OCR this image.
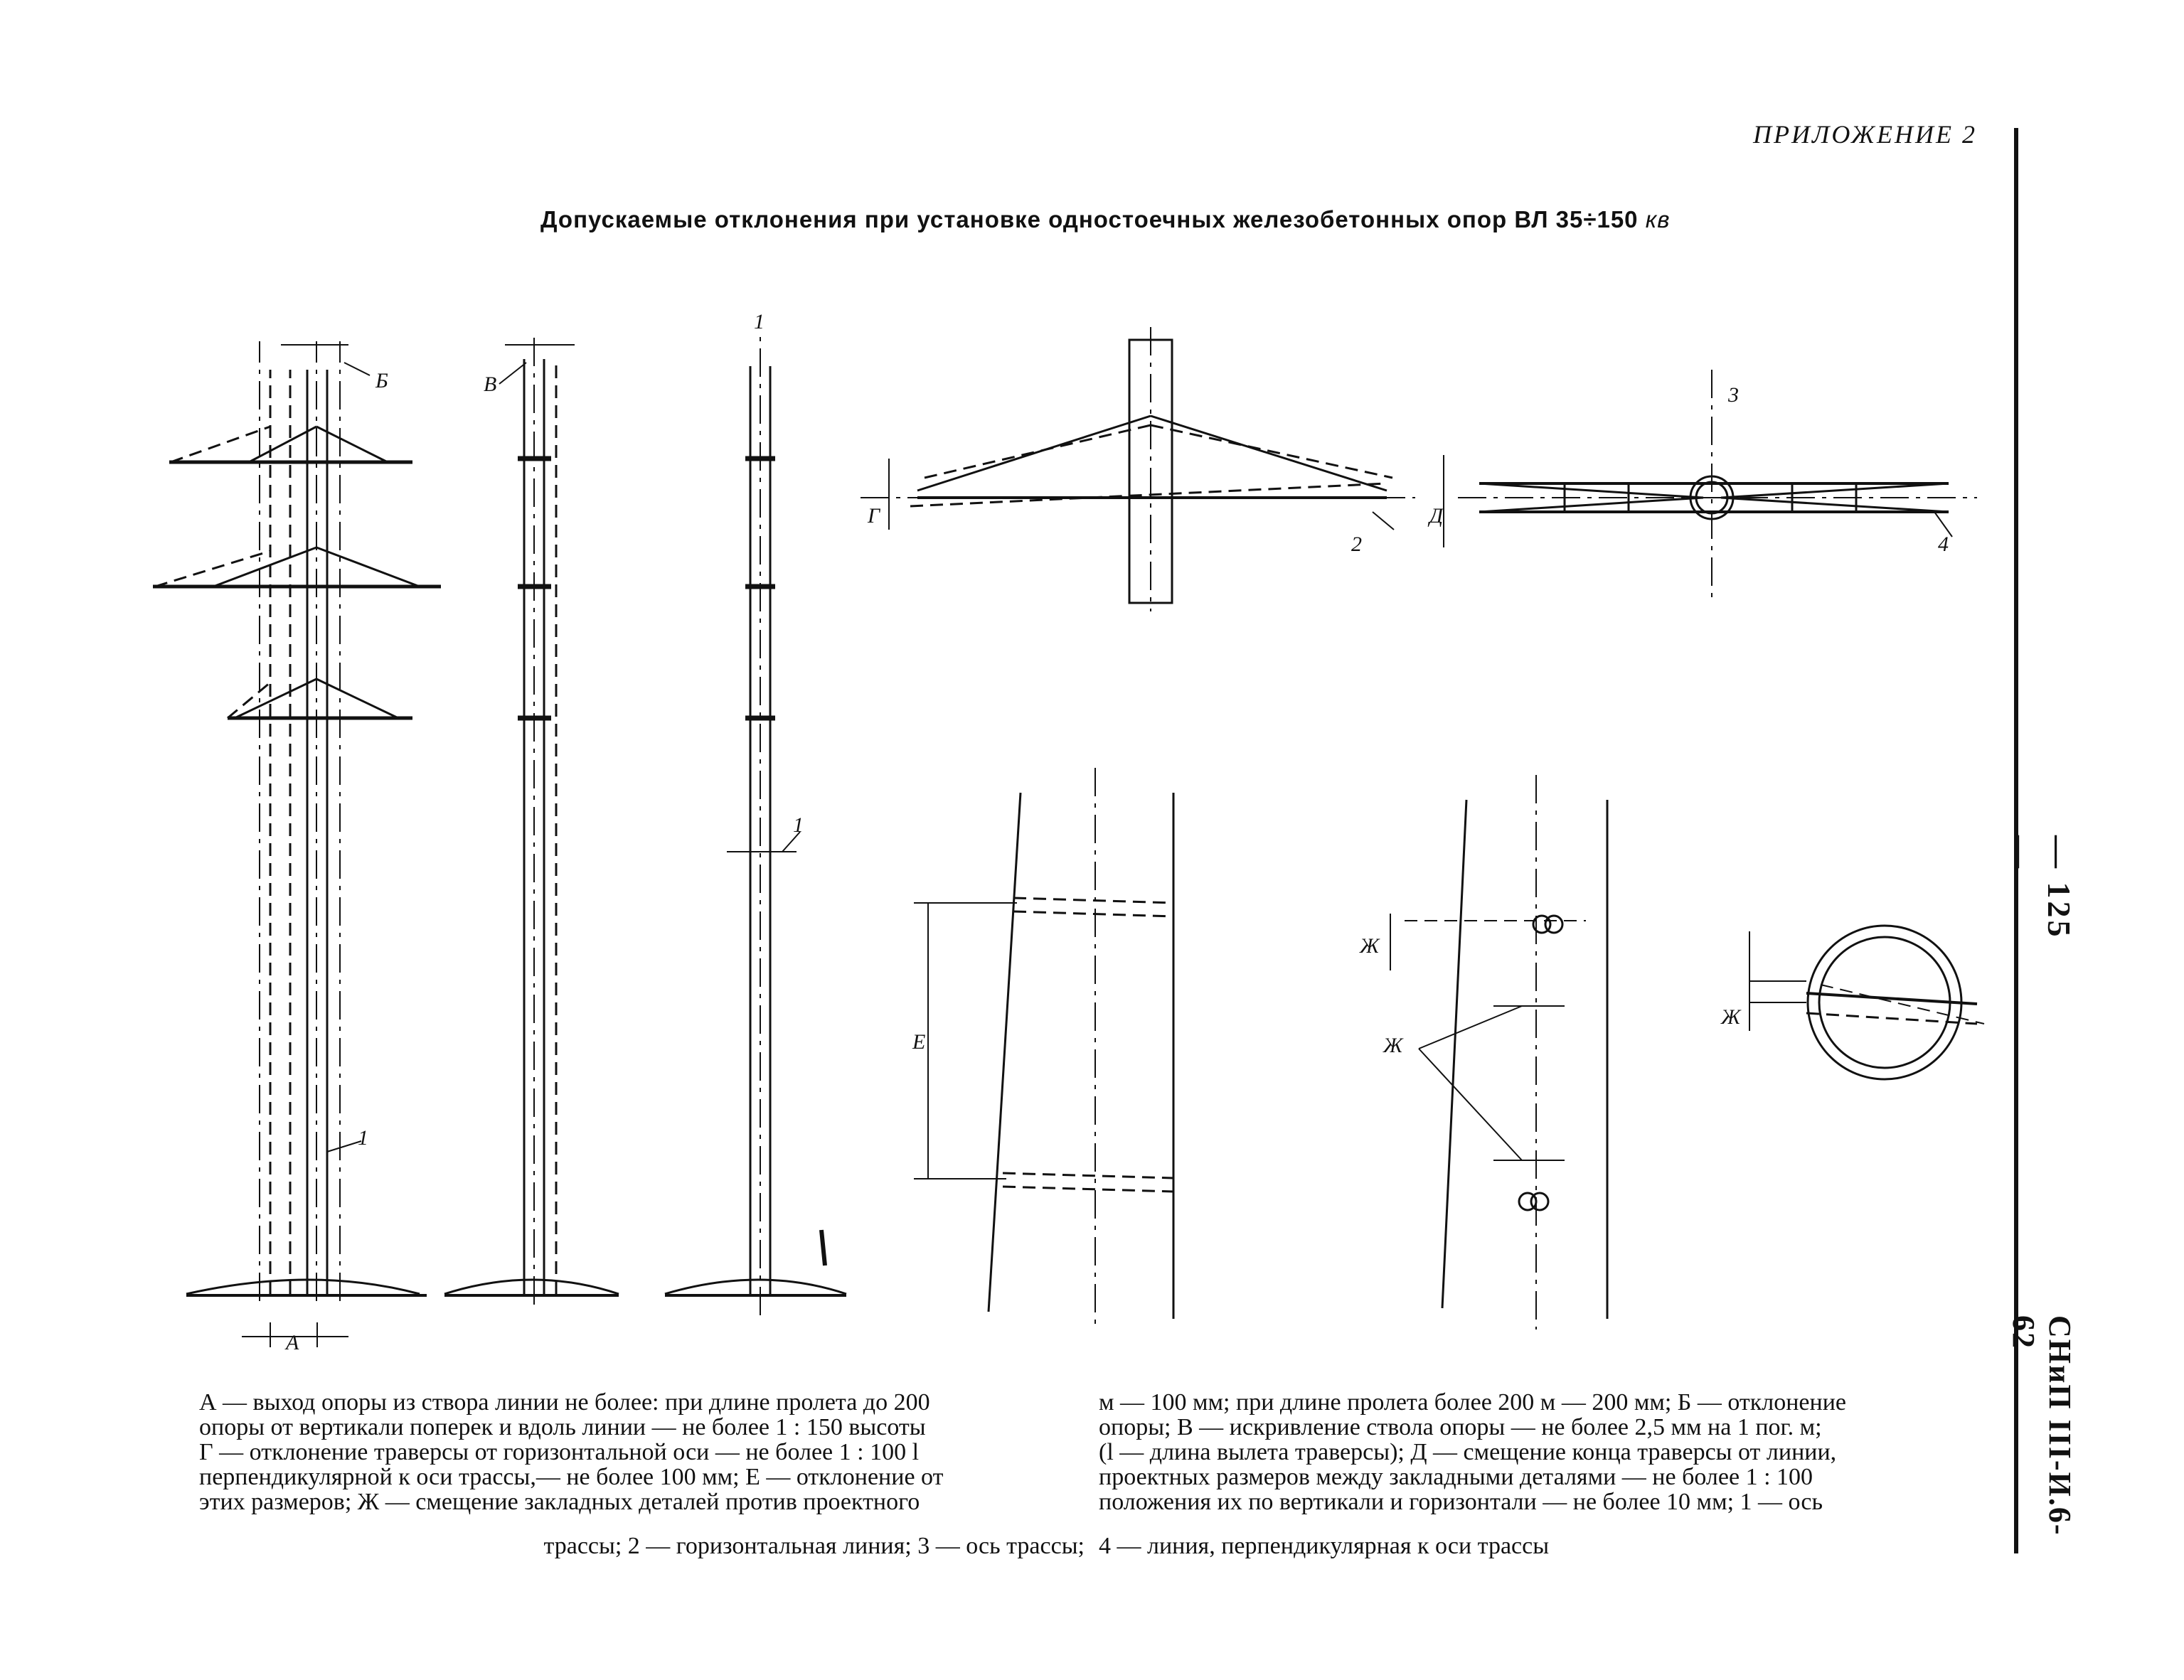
ПРИЛОЖЕНИЕ 2
Допускаемые отклонения при установке одностоечных железобетонных опор ВЛ 35÷150 кв
— 125 —
СНиП III-И.6-62
А
Б	В
1
1
1
Г
2
3
Д
4
Е
Ж
Ж
Ж
А — выход опоры из створа линии не более: при длине пролета до 200
опоры от вертикали поперек и вдоль линии — не более 1 : 150 высоты
Г — отклонение траверсы от горизонтальной оси — не более 1 : 100 l
перпендикулярной к оси трассы,— не более 100 мм; Е — отклонение от
этих размеров; Ж — смещение закладных деталей против проектного
м — 100 мм; при длине пролета более 200 м — 200 мм; Б — отклонение
опоры; В — искривление ствола опоры — не более 2,5 мм на 1 пог. м;
(l — длина вылета траверсы); Д — смещение конца траверсы от линии,
проектных размеров между закладными деталями — не более 1 : 100
положения их по вертикали и горизонтали — не более 10 мм; 1 — ось
трассы; 2 — горизонтальная линия; 3 — ось трассы; 4 — линия, перпендикулярная к оси трассы
